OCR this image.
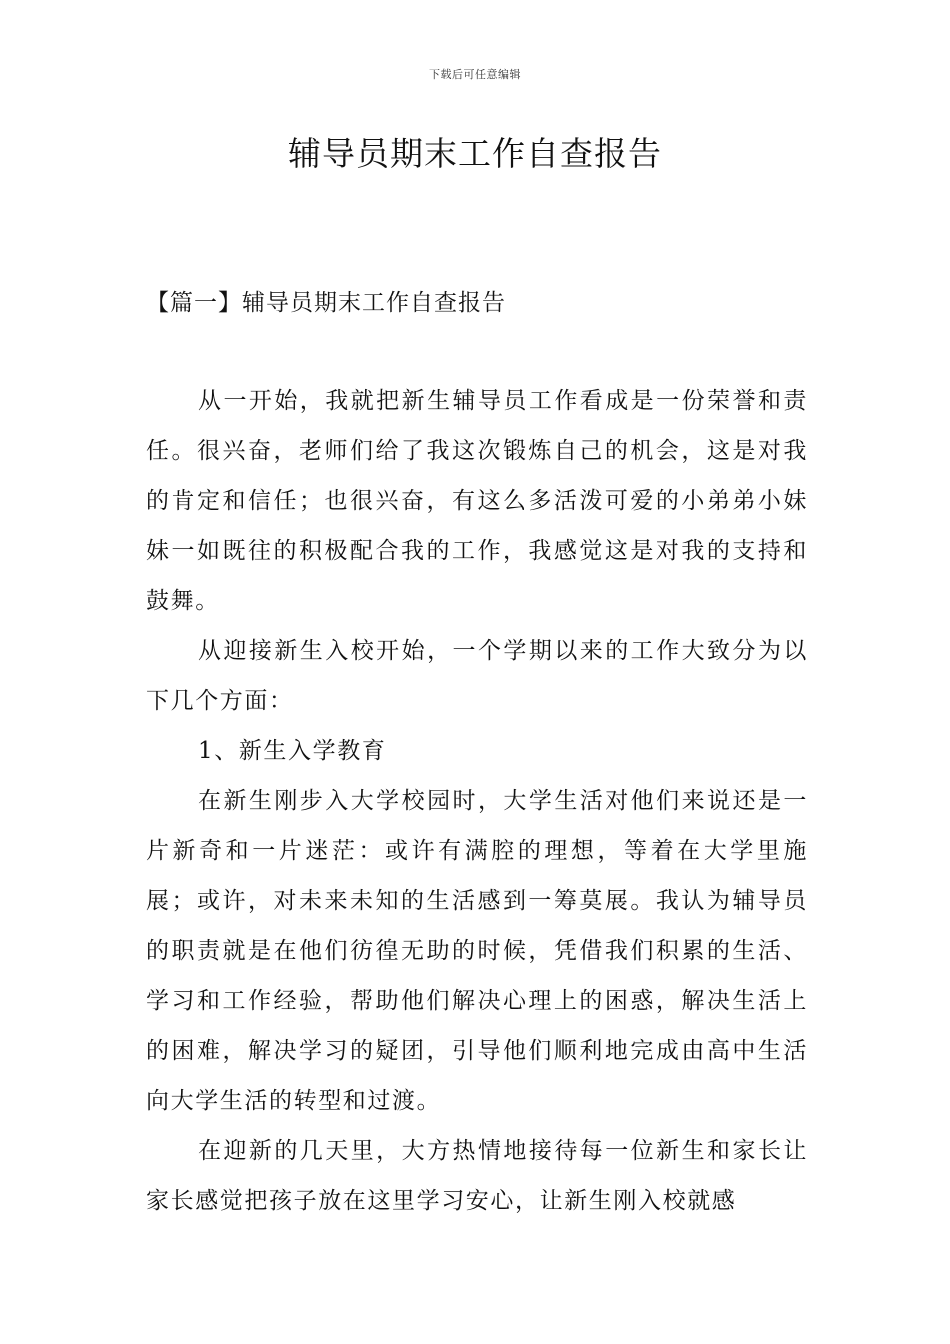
下载后可任意编辑
辅导员期末工作自查报告
【篇一】辅导员期末工作自查报告

从一开始，我就把新生辅导员工作看成是一份荣誉和责任。很兴奋，老师们给了我这次锻炼自己的机会，这是对我的肯定和信任；也很兴奋，有这么多活泼可爱的小弟弟小妹妹一如既往的积极配合我的工作，我感觉这是对我的支持和鼓舞。

从迎接新生入校开始，一个学期以来的工作大致分为以下几个方面：

1、新生入学教育

在新生刚步入大学校园时，大学生活对他们来说还是一片新奇和一片迷茫：或许有满腔的理想，等着在大学里施展；或许，对未来未知的生活感到一筹莫展。我认为辅导员的职责就是在他们彷徨无助的时候，凭借我们积累的生活、学习和工作经验，帮助他们解决心理上的困惑，解决生活上的困难，解决学习的疑团，引导他们顺利地完成由高中生活向大学生活的转型和过渡。

在迎新的几天里，大方热情地接待每一位新生和家长让家长感觉把孩子放在这里学习安心，让新生刚入校就感
